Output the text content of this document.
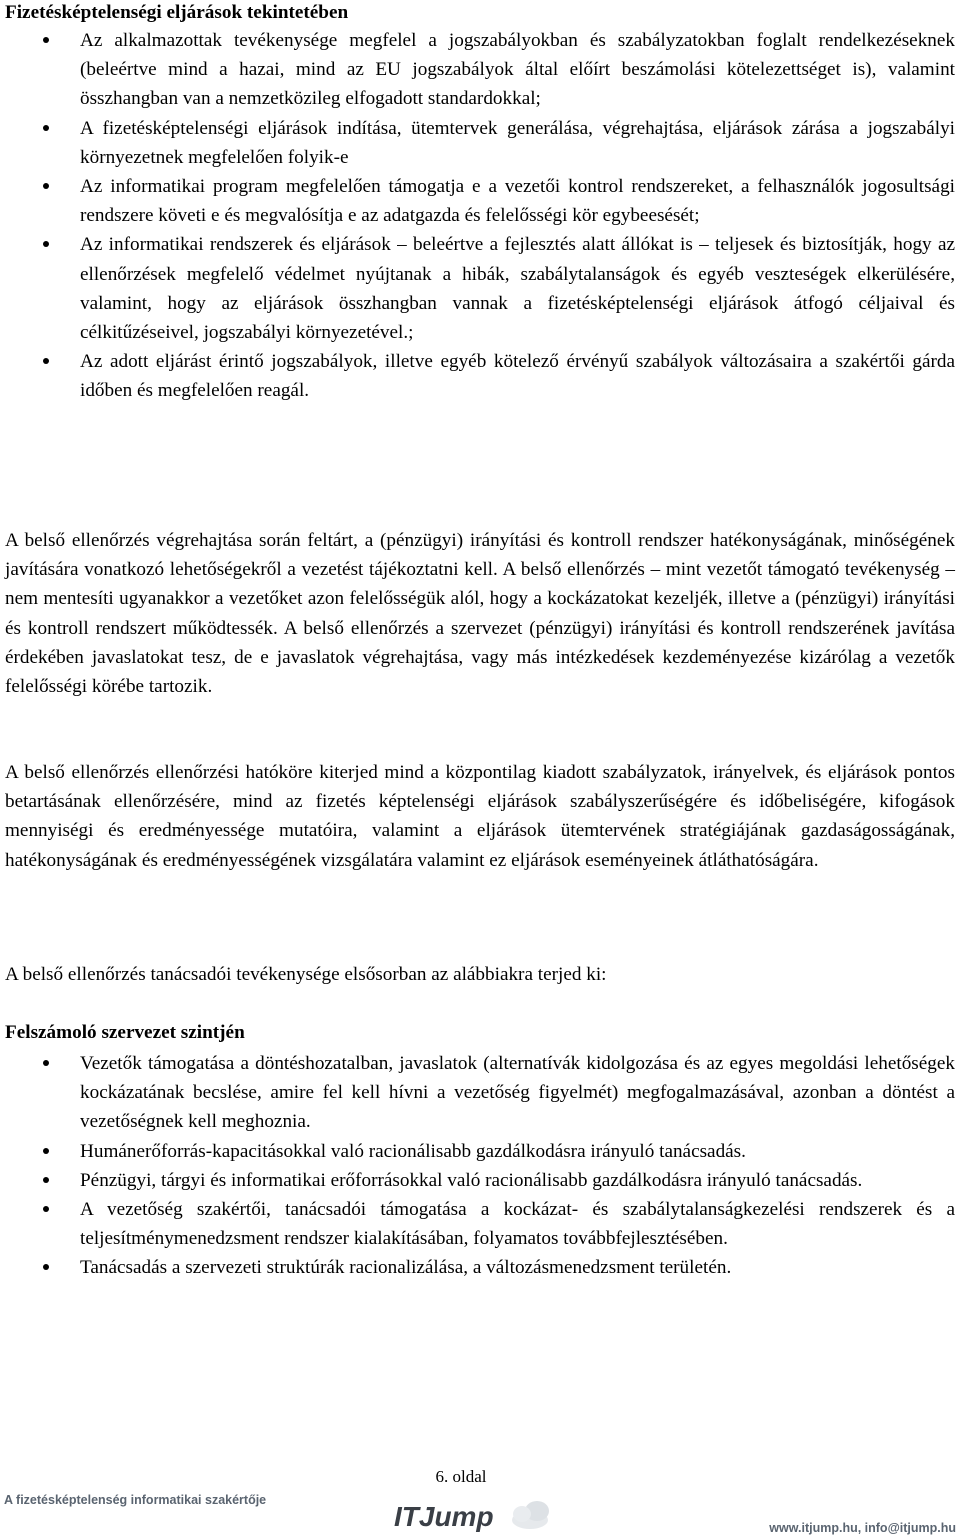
Fizetésképtelenségi eljárások tekintetében
Az alkalmazottak tevékenysége megfelel a jogszabályokban és szabályzatokban foglalt rendelkezéseknek (beleértve mind a hazai, mind az EU jogszabályok által előírt beszámolási kötelezettséget is), valamint összhangban van a nemzetközileg elfogadott standardokkal;
A fizetésképtelenségi eljárások indítása, ütemtervek generálása, végrehajtása, eljárások zárása a jogszabályi környezetnek megfelelően folyik-e
Az informatikai program megfelelően támogatja e a vezetői kontrol rendszereket, a felhasználók jogosultsági rendszere követi e és megvalósítja e az adatgazda és felelősségi kör egybeesését;
Az informatikai rendszerek és eljárások – beleértve a fejlesztés alatt állókat is – teljesek és biztosítják, hogy az ellenőrzések megfelelő védelmet nyújtanak a hibák, szabálytalanságok és egyéb veszteségek elkerülésére, valamint, hogy az eljárások összhangban vannak a fizetésképtelenségi eljárások átfogó céljaival és célkitűzéseivel, jogszabályi környezetével.;
Az adott eljárást érintő jogszabályok, illetve egyéb kötelező érvényű szabályok változásaira a szakértői gárda időben és megfelelően reagál.

A belső ellenőrzés végrehajtása során feltárt, a (pénzügyi) irányítási és kontroll rendszer hatékonyságának, minőségének javítására vonatkozó lehetőségekről a vezetést tájékoztatni kell. A belső ellenőrzés – mint vezetőt támogató tevékenység – nem mentesíti ugyanakkor a vezetőket azon felelősségük alól, hogy a kockázatokat kezeljék, illetve a (pénzügyi) irányítási és kontroll rendszert működtessék. A belső ellenőrzés a szervezet (pénzügyi) irányítási és kontroll rendszerének javítása érdekében javaslatokat tesz, de e javaslatok végrehajtása, vagy más intézkedések kezdeményezése kizárólag a vezetők felelősségi körébe tartozik.

A belső ellenőrzés ellenőrzési hatóköre kiterjed mind a központilag kiadott szabályzatok, irányelvek, és eljárások pontos betartásának ellenőrzésére, mind az fizetés képtelenségi eljárások szabályszerűségére és időbeliségére, kifogások mennyiségi és eredményessége mutatóira, valamint a eljárások ütemtervének stratégiájának gazdaságosságának, hatékonyságának és eredményességének vizsgálatára valamint ez eljárások eseményeinek átláthatóságára.

A belső ellenőrzés tanácsadói tevékenysége elsősorban az alábbiakra terjed ki:

Felszámoló szervezet szintjén
Vezetők támogatása a döntéshozatalban, javaslatok (alternatívák kidolgozása és az egyes megoldási lehetőségek kockázatának becslése, amire fel kell hívni a vezetőség figyelmét) megfogalmazásával, azonban a döntést a vezetőségnek kell meghoznia.
Humánerőforrás-kapacitásokkal való racionálisabb gazdálkodásra irányuló tanácsadás.
Pénzügyi, tárgyi és informatikai erőforrásokkal való racionálisabb gazdálkodásra irányuló tanácsadás.
A vezetőség szakértői, tanácsadói támogatása a kockázat- és szabálytalanságkezelési rendszerek és a teljesítménymenedzsment rendszer kialakításában, folyamatos továbbfejlesztésében.
Tanácsadás a szervezeti struktúrák racionalizálása, a változásmenedzsment területén.
6. oldal
A fizetésképtelenség informatikai szakértője
ITJump	www.itjump.hu, info@itjump.hu
